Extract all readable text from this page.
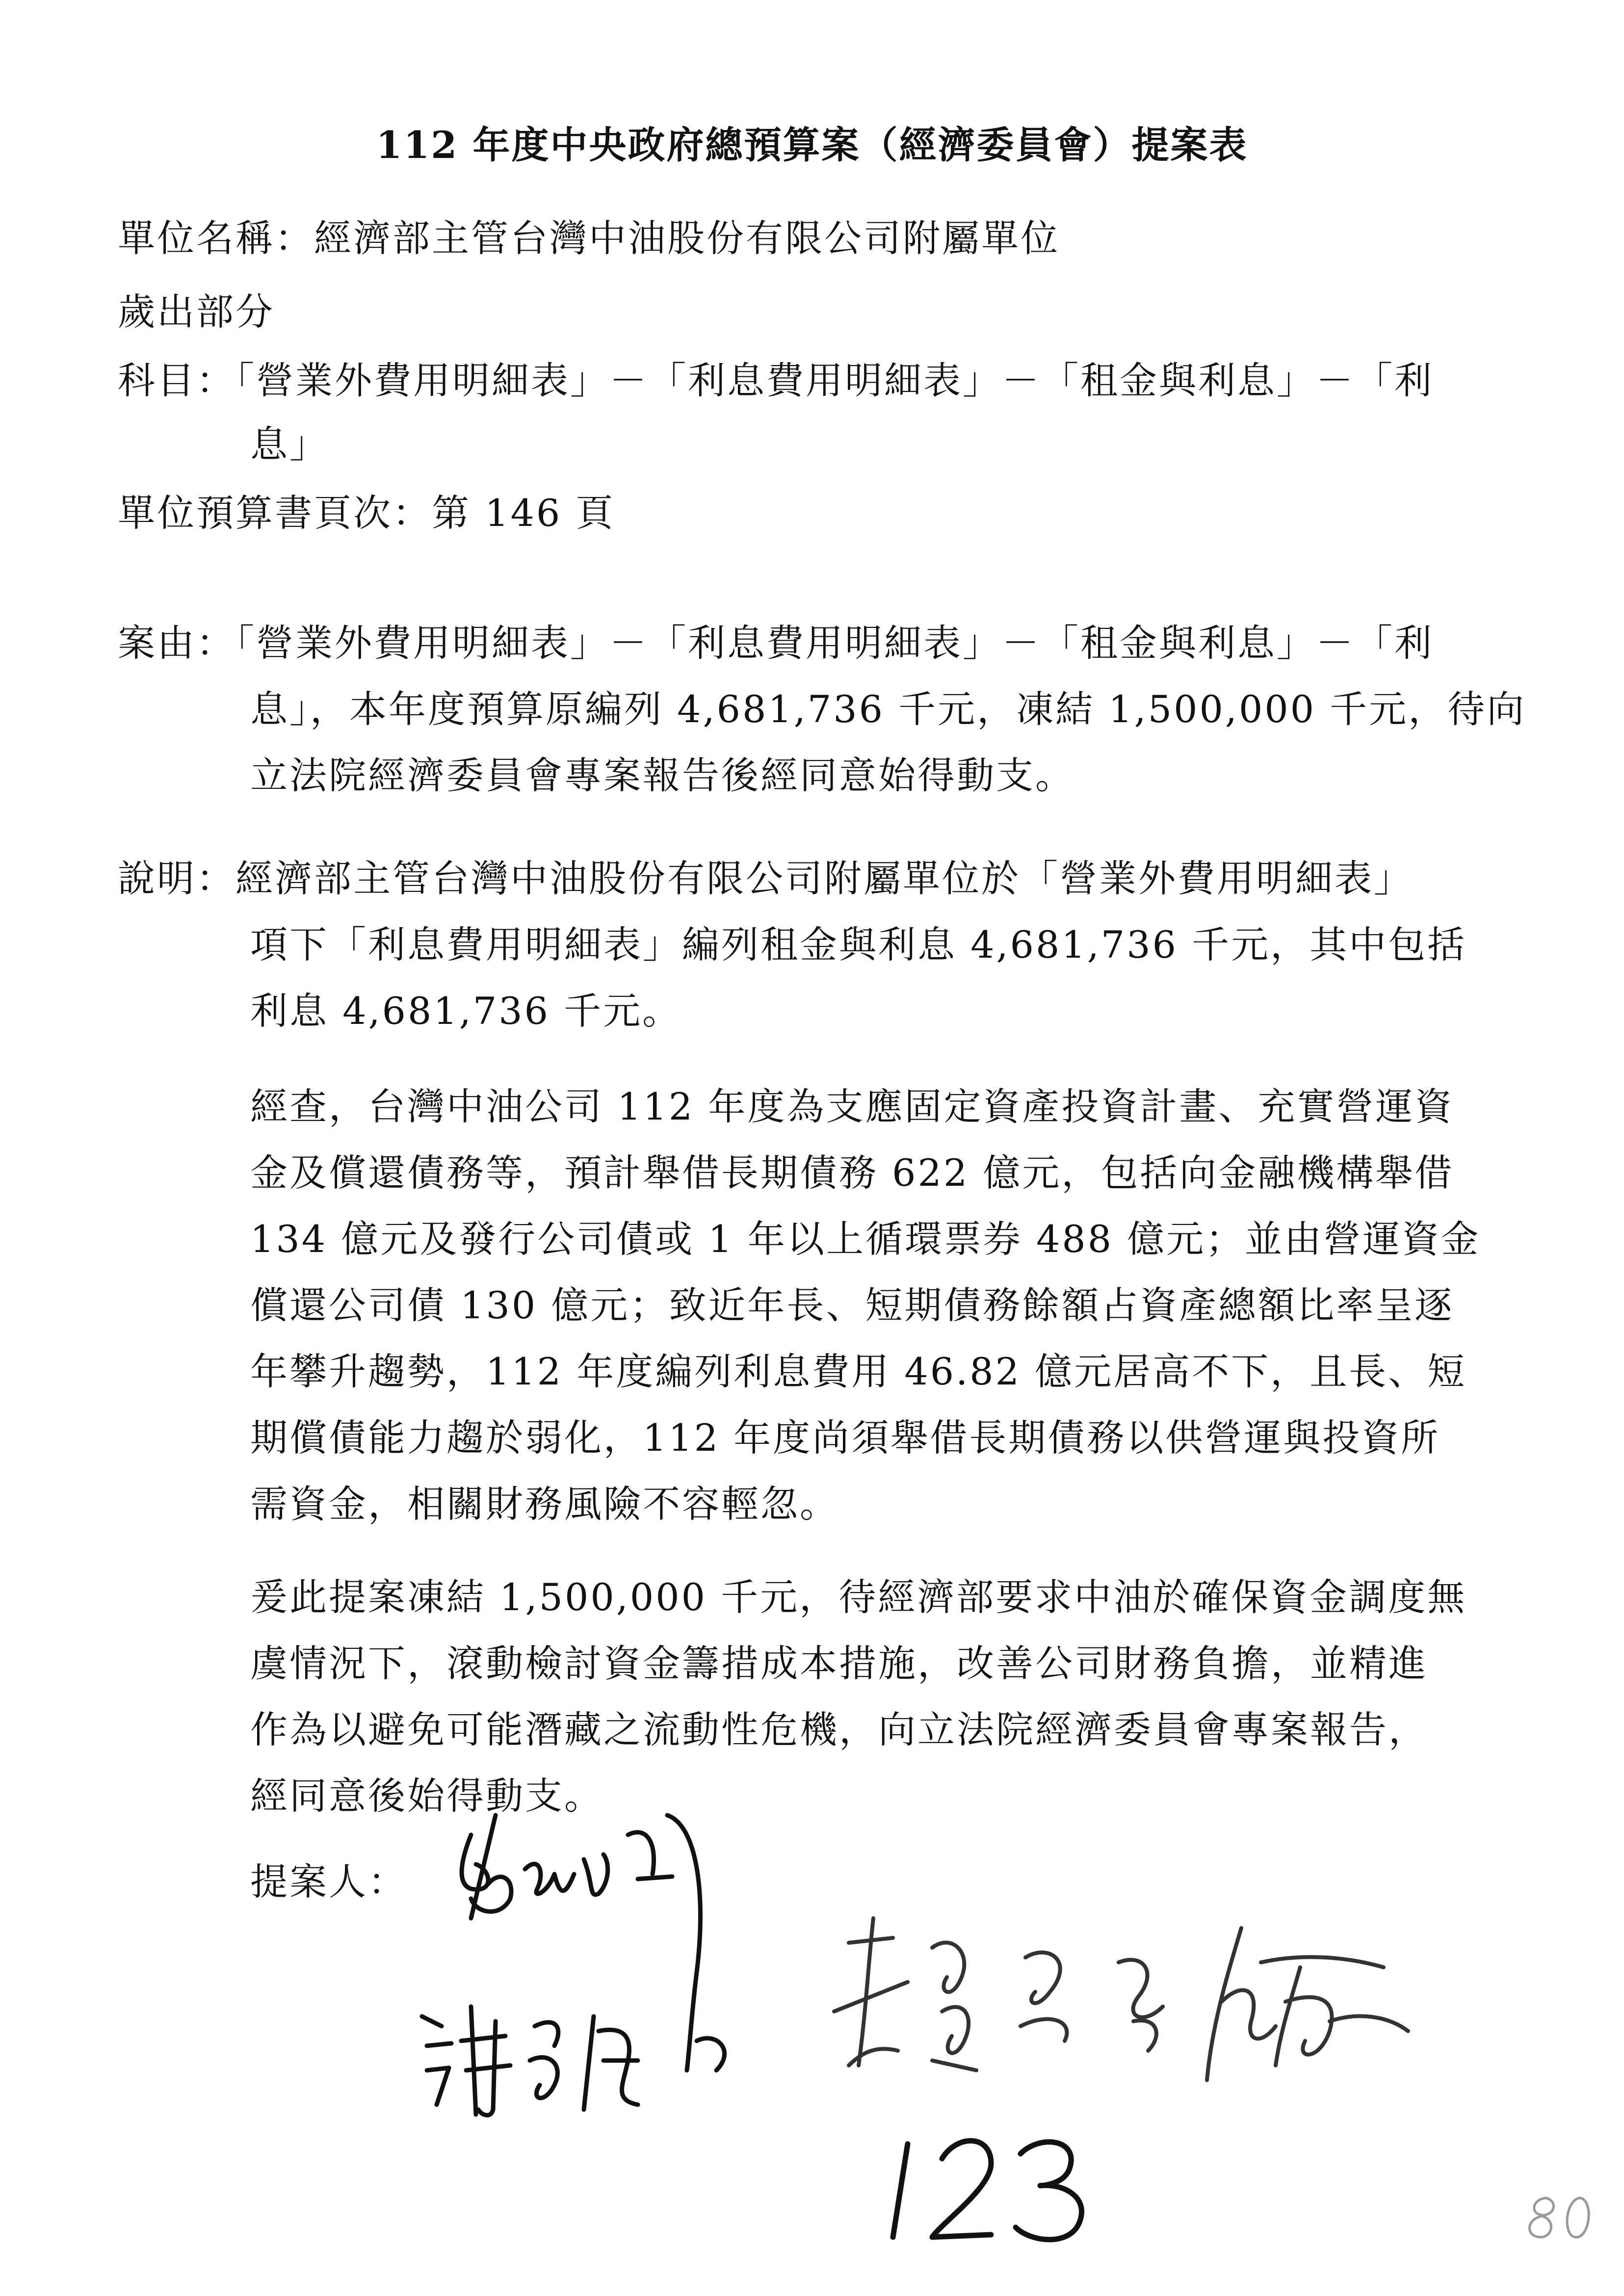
112 年度中央政府總預算案（經濟委員會）提案表
單位名稱：經濟部主管台灣中油股份有限公司附屬單位
歲出部分
科目：「營業外費用明細表」－「利息費用明細表」－「租金與利息」－「利
息」
單位預算書頁次：第 146 頁
案由：「營業外費用明細表」－「利息費用明細表」－「租金與利息」－「利
息」，本年度預算原編列 4,681,736 千元，凍結 1,500,000 千元，待向
立法院經濟委員會專案報告後經同意始得動支。
說明：經濟部主管台灣中油股份有限公司附屬單位於「營業外費用明細表」
項下「利息費用明細表」編列租金與利息 4,681,736 千元，其中包括
利息 4,681,736 千元。
經查，台灣中油公司 112 年度為支應固定資產投資計畫、充實營運資
金及償還債務等，預計舉借長期債務 622 億元，包括向金融機構舉借
134 億元及發行公司債或 1 年以上循環票券 488 億元；並由營運資金
償還公司債 130 億元；致近年長、短期債務餘額占資產總額比率呈逐
年攀升趨勢，112 年度編列利息費用 46.82 億元居高不下，且長、短
期償債能力趨於弱化，112 年度尚須舉借長期債務以供營運與投資所
需資金，相關財務風險不容輕忽。
爰此提案凍結 1,500,000 千元，待經濟部要求中油於確保資金調度無
虞情況下，滾動檢討資金籌措成本措施，改善公司財務負擔，並精進
作為以避免可能潛藏之流動性危機，向立法院經濟委員會專案報告，
經同意後始得動支。
提案人：
